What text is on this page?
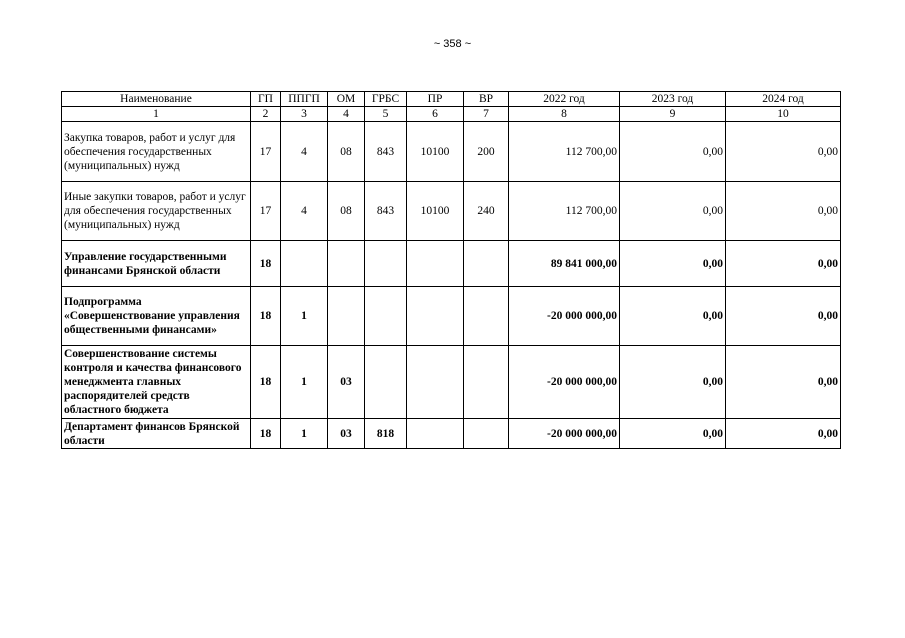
~ 358 ~
Наименование	ГП	ППГП	ОМ	ГРБС	ПР	ВР	2022 год	2023 год	2024 год
1	2	3	4	5	6	7	8	9	10
Закупка товаров, работ и услуг для обеспечения государственных (муниципальных) нужд	17	4	08	843	10100	200	112 700,00	0,00	0,00
Иные закупки товаров, работ и услуг для обеспечения государственных (муниципальных) нужд	17	4	08	843	10100	240	112 700,00	0,00	0,00
Управление государственными финансами Брянской области	18						89 841 000,00	0,00	0,00
Подпрограмма «Совершенствование управления общественными финансами»	18	1					-20 000 000,00	0,00	0,00
Совершенствование системы контроля и качества финансового менеджмента главных распорядителей средств областного бюджета	18	1	03				-20 000 000,00	0,00	0,00
Департамент финансов Брянской области	18	1	03	818			-20 000 000,00	0,00	0,00
